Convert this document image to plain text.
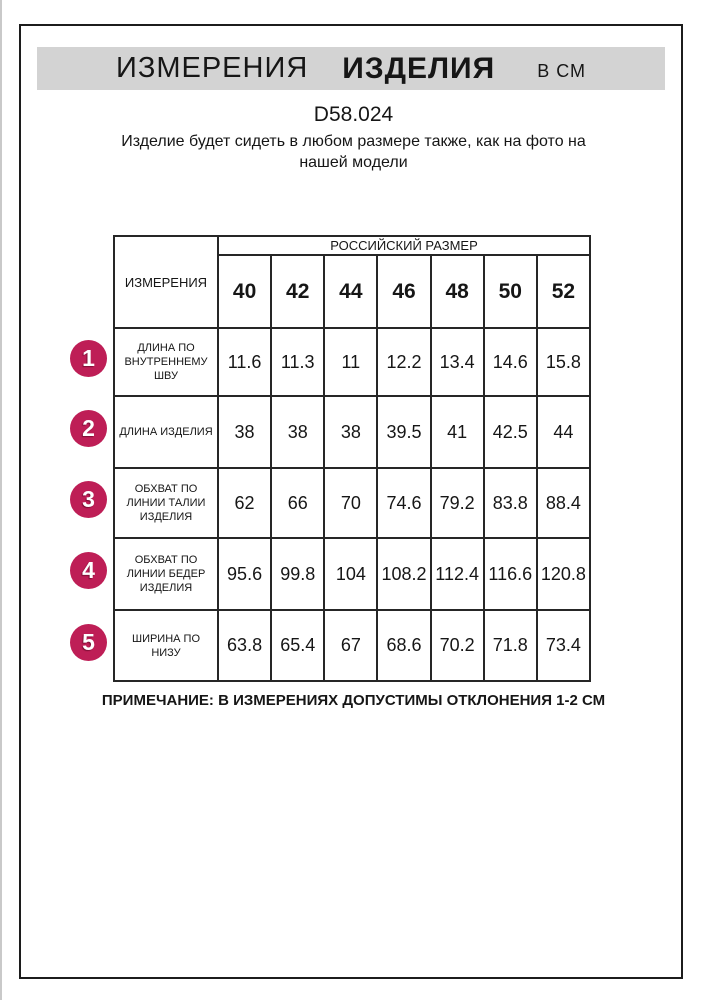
ИЗМЕРЕНИЯ ИЗДЕЛИЯ В СМ
D58.024
Изделие будет сидеть в любом размере также, как на фото на нашей модели
ИЗМЕРЕНИЯ	РОССИЙСКИЙ РАЗМЕР						
	40	42	44	46	48	50	52
ДЛИНА ПО ВНУТРЕННЕМУ ШВУ	11.6	11.3	11	12.2	13.4	14.6	15.8
ДЛИНА ИЗДЕЛИЯ	38	38	38	39.5	41	42.5	44
ОБХВАТ ПО ЛИНИИ ТАЛИИ ИЗДЕЛИЯ	62	66	70	74.6	79.2	83.8	88.4
ОБХВАТ ПО ЛИНИИ БЕДЕР ИЗДЕЛИЯ	95.6	99.8	104	108.2	112.4	116.6	120.8
ШИРИНА ПО НИЗУ	63.8	65.4	67	68.6	70.2	71.8	73.4
1
2
3
4
5
ПРИМЕЧАНИЕ: В ИЗМЕРЕНИЯХ ДОПУСТИМЫ ОТКЛОНЕНИЯ 1-2 СМ
